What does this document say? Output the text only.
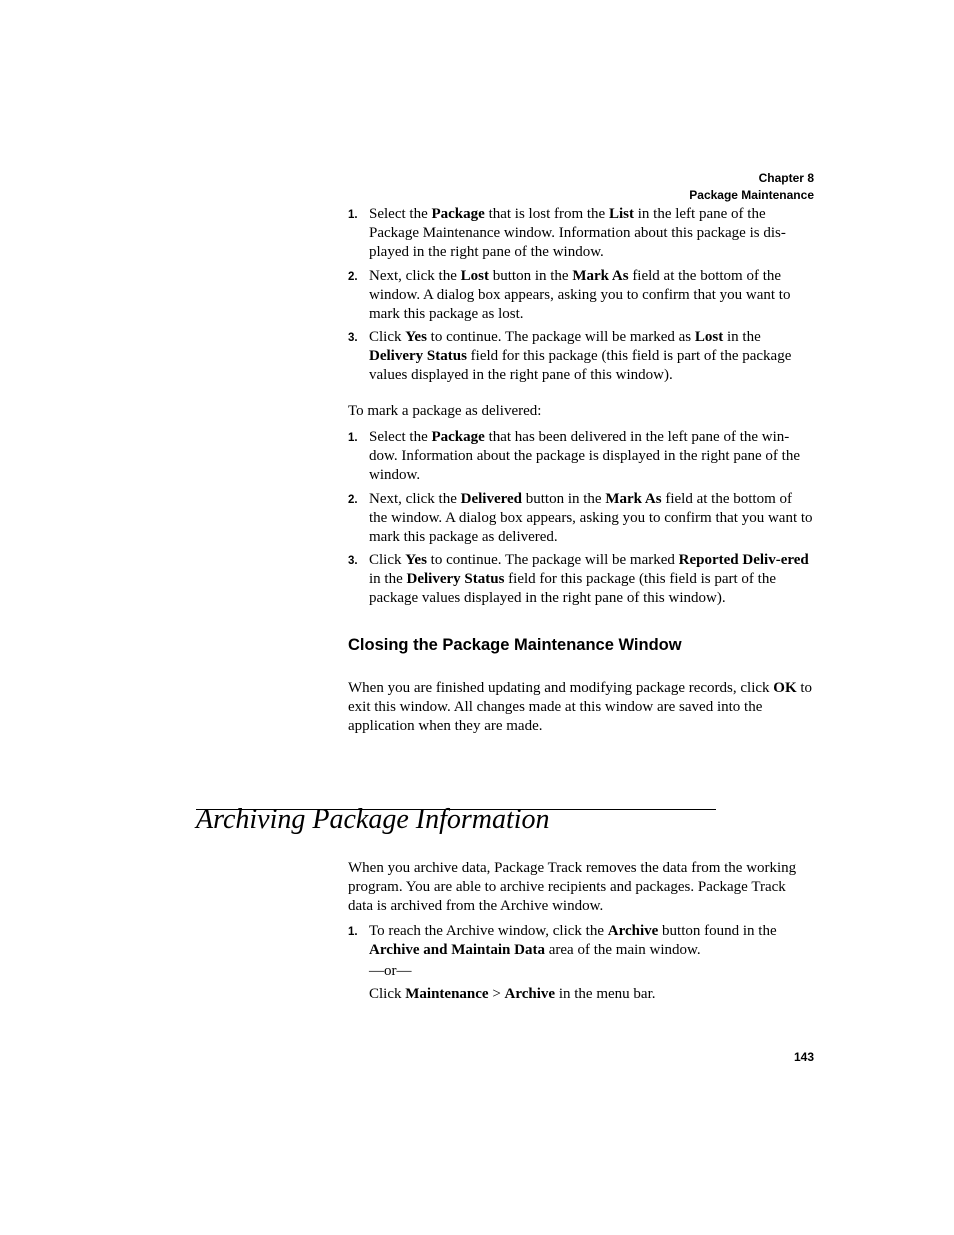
Chapter 8
Package Maintenance
1. Select the Package that is lost from the List in the left pane of the Package Maintenance window. Information about this package is dis-played in the right pane of the window.
2. Next, click the Lost button in the Mark As field at the bottom of the window. A dialog box appears, asking you to confirm that you want to mark this package as lost.
3. Click Yes to continue. The package will be marked as Lost in the Delivery Status field for this package (this field is part of the package values displayed in the right pane of this window).

To mark a package as delivered:

1. Select the Package that has been delivered in the left pane of the win-dow. Information about the package is displayed in the right pane of the window.
2. Next, click the Delivered button in the Mark As field at the bottom of the window. A dialog box appears, asking you to confirm that you want to mark this package as delivered.
3. Click Yes to continue. The package will be marked Reported Deliv-ered in the Delivery Status field for this package (this field is part of the package values displayed in the right pane of this window).
Closing the Package Maintenance Window

When you are finished updating and modifying package records, click OK to exit this window. All changes made at this window are saved into the application when they are made.

Archiving Package Information

When you archive data, Package Track removes the data from the working program. You are able to archive recipients and packages. Package Track data is archived from the Archive window.

1. To reach the Archive window, click the Archive button found in the Archive and Maintain Data area of the main window.
—or—
Click Maintenance > Archive in the menu bar.
143
